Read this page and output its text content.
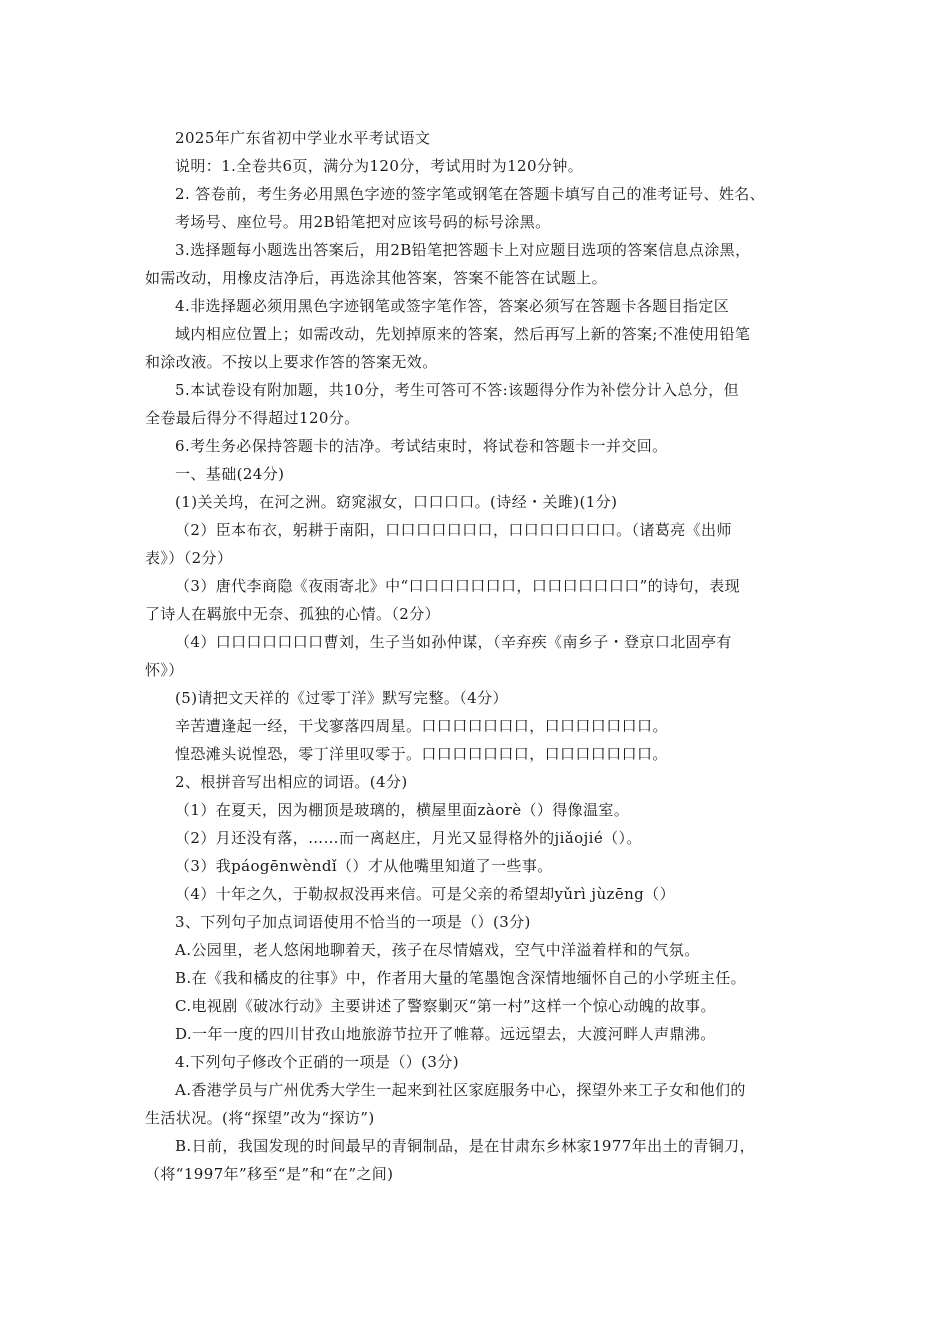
2025年广东省初中学业水平考试语文
说明：1.全卷共6页，满分为120分，考试用时为120分钟。
2. 答卷前，考生务必用黑色字迹的签字笔或钢笔在答题卡填写自己的准考证号、姓名、
考场号、座位号。用2B铅笔把对应该号码的标号涂黑。
3.选择题每小题选出答案后，用2B铅笔把答题卡上对应题目选项的答案信息点涂黑，
如需改动，用橡皮洁净后，再选涂其他答案，答案不能答在试题上。
4.非选择题必须用黑色字迹钢笔或签字笔作答，答案必须写在答题卡各题目指定区
域内相应位置上；如需改动，先划掉原来的答案，然后再写上新的答案;不准使用铅笔
和涂改液。不按以上要求作答的答案无效。
5.本试卷设有附加题，共10分，考生可答可不答:该题得分作为补偿分计入总分，但
全卷最后得分不得超过120分。
6.考生务必保持答题卡的洁净。考试结束时，将试卷和答题卡一并交回。
一、基础(24分)
(1)关关坞，在河之洲。窈窕淑女，口口口口。(诗经・关雎)(1分)
（2）臣本布衣，躬耕于南阳，口口口口口口口，口口口口口口口。（诸葛亮《出师
表》）（2分）
（3）唐代李商隐《夜雨寄北》中“口口口口口口口，口口口口口口口”的诗句，表现
了诗人在羁旅中无奈、孤独的心情。（2分）
（4）口口口口口口口曹刘，生子当如孙仲谋，（辛弃疾《南乡子・登京口北固亭有
怀》）
(5)请把文天祥的《过零丁洋》默写完整。（4分）
辛苦遭逢起一经，干戈寥落四周星。口口口口口口口，口口口口口口口。
惶恐滩头说惶恐，零丁洋里叹零于。口口口口口口口，口口口口口口口。
2、根拼音写出相应的词语。(4分)
（1）在夏天，因为棚顶是玻璃的，横屋里面zàorè（）得像温室。
（2）月还没有落，……而一离赵庄，月光又显得格外的jiǎojié（）。
（3）我páogēnwèndǐ（）才从他嘴里知道了一些事。
（4）十年之久，于勒叔叔没再来信。可是父亲的希望却yǔrì jùzēng（）
3、下列句子加点词语使用不恰当的一项是（）(3分)
A.公园里，老人悠闲地聊着天，孩子在尽情嬉戏，空气中洋溢着样和的气氛。
B.在《我和橘皮的往事》中，作者用大量的笔墨饱含深情地缅怀自己的小学班主任。
C.电视剧《破冰行动》主要讲述了警察剿灭“第一村”这样一个惊心动魄的故事。
D.一年一度的四川甘孜山地旅游节拉开了帷幕。远远望去，大渡河畔人声鼎沸。
4.下列句子修改个正硝的一项是（）(3分)
A.香港学员与广州优秀大学生一起来到社区家庭服务中心，探望外来工子女和他们的
生活状况。(将“探望”改为“探访”)
B.日前，我国发现的时间最早的青铜制品，是在甘肃东乡林家1977年出土的青铜刀，
（将“1997年”移至“是”和“在”之间)
